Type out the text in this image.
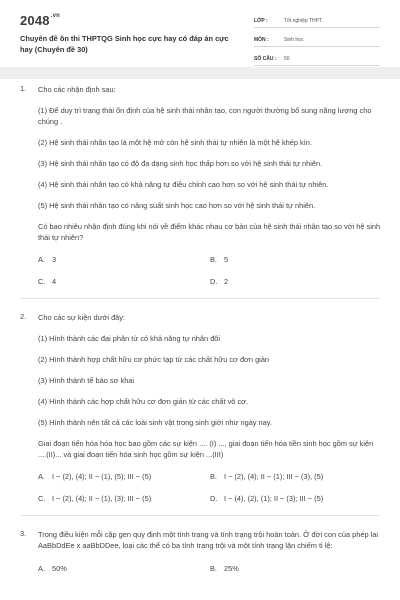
$2048^{.vn}$
Chuyên đề ôn thi THPTQG Sinh học cực hay có đáp án cực hay (Chuyên đề 30)
LỚP :	Tốt nghiệp THPT
MÔN :	Sinh học
SỐ CÂU :	50
1. Cho các nhận định sau:
(1) Để duy trì trạng thái ổn định của hệ sinh thái nhân tạo, con người thường bổ sung năng lượng cho chúng .
(2) Hệ sinh thái nhân tạo là một hệ mở còn hệ sinh thái tự nhiên là một hệ khép kín.
(3) Hệ sinh thái nhân tạo có độ đa dạng sinh học thấp hơn so với hệ sinh thái tự nhiên.
(4) Hệ sinh thái nhân tạo có khả năng tự điều chỉnh cao hơn so với hệ sinh thái tự nhiên.
(5) Hệ sinh thái nhân tạo có năng suất sinh học cao hơn so với hệ sinh thái tự nhiên.
Có bao nhiêu nhận định đúng khi nói về điểm khác nhau cơ bản của hệ sinh thái nhân tạo so với hệ sinh thái tự nhiên?
A. 3	B. 5
C. 4	D. 2
2. Cho các sự kiện dưới đây:
(1) Hình thành các đại phân tử có khả năng tự nhân đôi
(2) Hình thành hợp chất hữu cơ phức tạp từ các chất hữu cơ đơn giản
(3) Hình thành tế bào sơ khai
(4) Hình thành các hợp chất hữu cơ đơn giản từ các chất vô cơ.
(5) Hình thành nên tất cả các loài sinh vật trong sinh giới như ngày nay.
Giai đoạn tiến hóa hóa học bao gồm các sự kiện .... (I) ..., giai đoạn tiến hóa tiền sinh học gồm sự kiện ....(II)... và giai đoạn tiến hóa sinh học gồm sự kiện ...(III)
A. I − (2), (4); II − (1), (5); III − (5)	B. I − (2), (4); II − (1); III − (3), (5)
C. I − (2), (4); II − (1), (3); III − (5)	D. I − (4), (2), (1); II − (3); III − (5)
3. Trong điều kiện mỗi cặp gen quy định một tính trạng và tính trạng trội hoàn toàn. Ở đời con của phép lai AaBbDdEe x aaBbDDee, loại các thể có ba tính trạng trội và một tính trạng lặn chiếm tỉ lệ:
A. 50%	B. 25%
